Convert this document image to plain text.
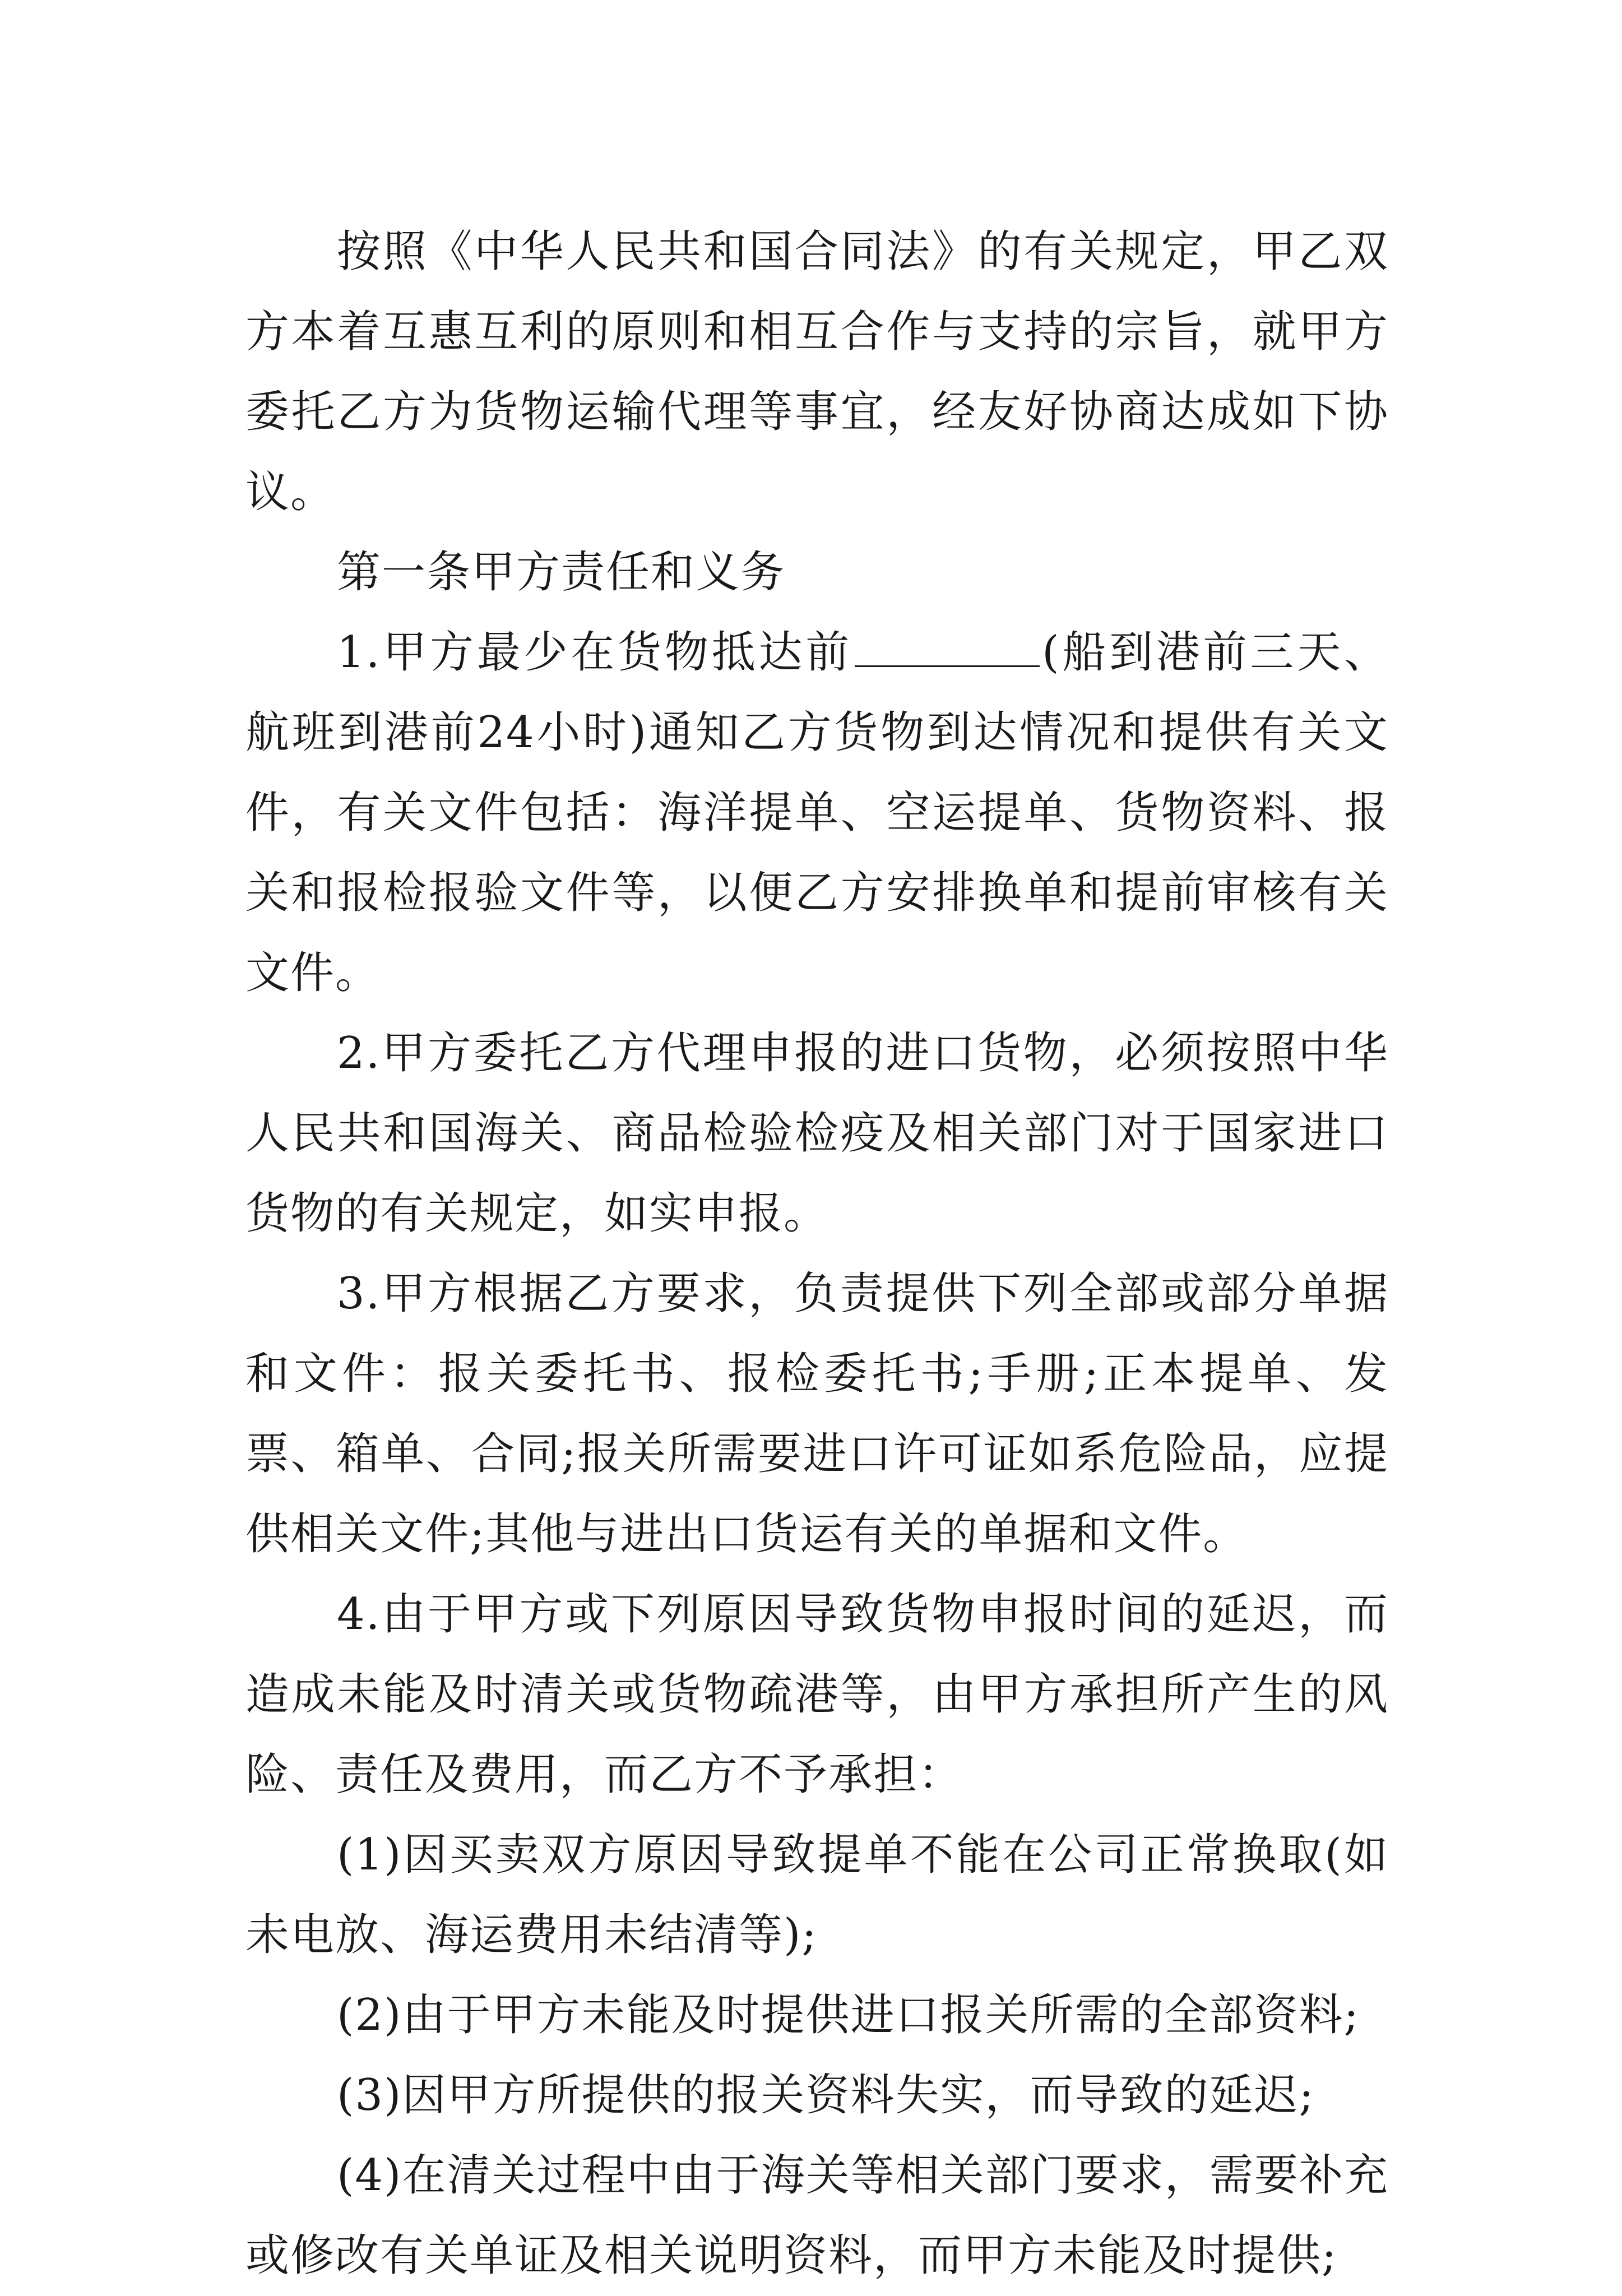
按照《中华人民共和国合同法》的有关规定，甲乙双方本着互惠互利的原则和相互合作与支持的宗旨，就甲方委托乙方为货物运输代理等事宜，经友好协商达成如下协议。

第一条甲方责任和义务

1.甲方最少在货物抵达前	(船到港前三天、航班到港前24小时)通知乙方货物到达情况和提供有关文件，有关文件包括：海洋提单、空运提单、货物资料、报关和报检报验文件等，以便乙方安排换单和提前审核有关文件。

2.甲方委托乙方代理申报的进口货物，必须按照中华人民共和国海关、商品检验检疫及相关部门对于国家进口货物的有关规定，如实申报。

3.甲方根据乙方要求，负责提供下列全部或部分单据和文件：报关委托书、报检委托书;手册;正本提单、发票、箱单、合同;报关所需要进口许可证如系危险品，应提供相关文件;其他与进出口货运有关的单据和文件。

4.由于甲方或下列原因导致货物申报时间的延迟，而造成未能及时清关或货物疏港等，由甲方承担所产生的风险、责任及费用，而乙方不予承担：

(1)因买卖双方原因导致提单不能在公司正常换取(如未电放、海运费用未结清等);

(2)由于甲方未能及时提供进口报关所需的全部资料;

(3)因甲方所提供的报关资料失实，而导致的延迟;

(4)在清关过程中由于海关等相关部门要求，需要补充或修改有关单证及相关说明资料，而甲方未能及时提供;
